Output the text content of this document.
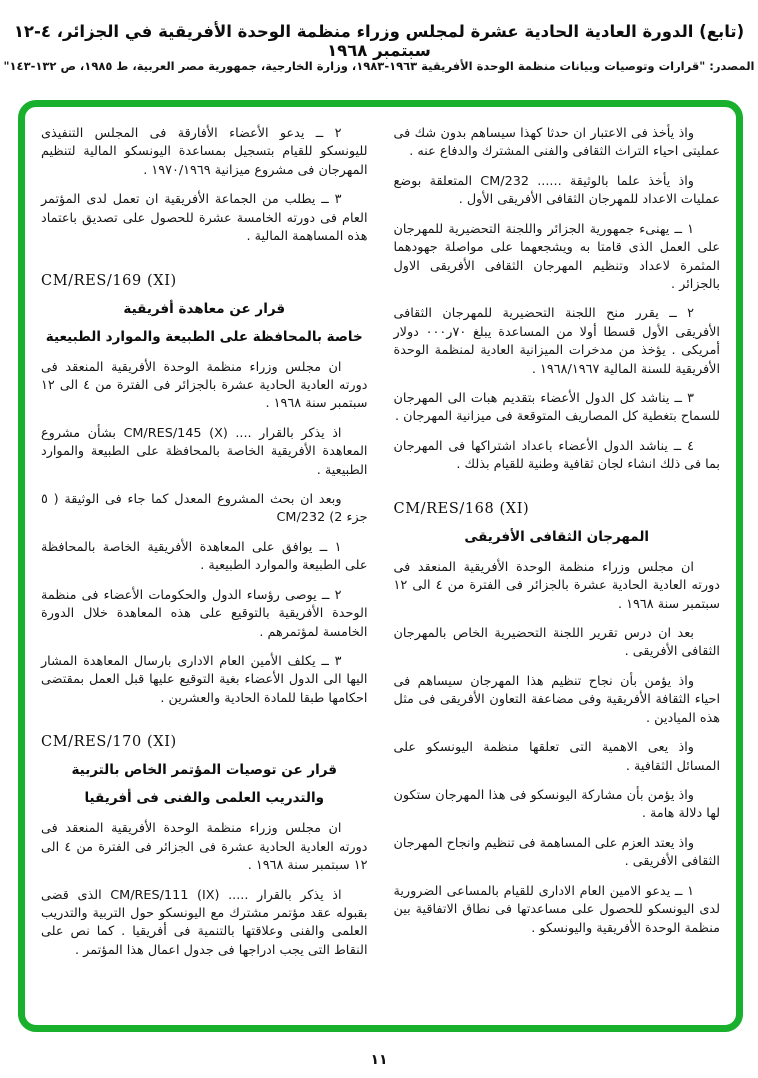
(تابع) الدورة العادية الحادية عشرة لمجلس وزراء منظمة الوحدة الأفريقية في الجزائر، ٤-١٢ سبتمبر ١٩٦٨
المصدر: "قرارات وتوصيات وبيانات منظمة الوحدة الأفريقية ١٩٦٣-١٩٨٣، وزارة الخارجية، جمهورية مصر العربية، ط ١٩٨٥، ص ١٣٢-١٤٣"
واذ يأخذ فى الاعتبار ان حدثا كهذا سيساهم بدون شك فى عمليتى احياء التراث الثقافى والفنى المشترك والدفاع عنه .
واذ يأخذ علما بالوثيقة ...... CM/232 المتعلقة بوضع عمليات الاعداد للمهرجان الثقافى الأفريقى الأول .
١ ــ يهنىء جمهورية الجزائر واللجنة التحضيرية للمهرجان على العمل الذى قامتا به ويشجعهما على مواصلة جهودهما المثمرة لاعداد وتنظيم المهرجان الثقافى الأفريقى الاول بالجزائر .
٢ ــ يقرر منح اللجنة التحضيرية للمهرجان الثقافى الأفريقى الأول قسطا أولا من المساعدة يبلغ ‪٧٠ر٠٠٠‬ دولار أمريكى . يؤخذ من مدخرات الميزانية العادية لمنظمة الوحدة الأفريقية للسنة المالية ١٩٦٨/١٩٦٧ .
٣ ــ يناشد كل الدول الأعضاء بتقديم هبات الى المهرجان للسماح بتغطية كل المصاريف المتوقعة فى ميزانية المهرجان .
٤ ــ يناشد الدول الأعضاء باعداد اشتراكها فى المهرجان بما فى ذلك انشاء لجان ثقافية وطنية للقيام بذلك .
CM/RES/168 (XI)
المهرجان الثقافى الأفريقى
ان مجلس وزراء منظمة الوحدة الأفريقية المنعقد فى دورته العادية الحادية عشرة بالجزائر فى الفترة من ٤ الى ١٢ سبتمبر سنة ١٩٦٨ .
بعد ان درس تقرير اللجنة التحضيرية الخاص بالمهرجان الثقافى الأفريقى .
واذ يؤمن بأن نجاح تنظيم هذا المهرجان سيساهم فى احياء الثقافة الأفريقية وفى مضاعفة التعاون الأفريقى فى مثل هذه الميادين .
واذ يعى الاهمية التى تعلقها منظمة اليونسكو على المسائل الثقافية .
واذ يؤمن بأن مشاركة اليونسكو فى هذا المهرجان ستكون لها دلالة هامة .
واذ يعتد العزم على المساهمة فى تنظيم وانجاح المهرجان الثقافى الأفريقى .
١ ــ يدعو الامين العام الادارى للقيام بالمساعى الضرورية لدى اليونسكو للحصول على مساعدتها فى نطاق الاتفاقية بين منظمة الوحدة الأفريقية واليونسكو .
٢ ــ يدعو الأعضاء الأفارقة فى المجلس التنفيذى لليونسكو للقيام بتسجيل بمساعدة اليونسكو المالية لتنظيم المهرجان فى مشروع ميزانية ١٩٧٠/١٩٦٩ .
٣ ــ يطلب من الجماعة الأفريقية ان تعمل لدى المؤتمر العام فى دورته الخامسة عشرة للحصول على تصديق باعتماد هذه المساهمة المالية .
CM/RES/169 (XI)
قرار عن معاهدة أفريقية
خاصة بالمحافظة على الطبيعة والموارد الطبيعية
ان مجلس وزراء منظمة الوحدة الأفريقية المنعقد فى دورته العادية الحادية عشرة بالجزائر فى الفترة من ٤ الى ١٢ سبتمبر سنة ١٩٦٨ .
اذ يذكر بالقرار .... CM/RES/145 (X) بشأن مشروع المعاهدة الأفريقية الخاصة بالمحافظة على الطبيعة والموارد الطبيعية .
وبعد ان بحث المشروع المعدل كما جاء فى الوثيقة ( ٥ جزء 2) CM/232
١ ــ يوافق على المعاهدة الأفريقية الخاصة بالمحافظة على الطبيعة والموارد الطبيعية .
٢ ــ يوصى رؤساء الدول والحكومات الأعضاء فى منظمة الوحدة الأفريقية بالتوقيع على هذه المعاهدة خلال الدورة الخامسة لمؤتمرهم .
٣ ــ يكلف الأمين العام الادارى بارسال المعاهدة المشار اليها الى الدول الأعضاء بغية التوقيع عليها قبل العمل بمقتضى احكامها طبقا للمادة الحادية والعشرين .
CM/RES/170 (XI)
قرار عن توصيات المؤتمر الخاص بالتربية
والتدريب العلمى والفنى فى أفريقيا
ان مجلس وزراء منظمة الوحدة الأفريقية المنعقد فى دورته العادية الحادية عشرة فى الجزائر فى الفترة من ٤ الى ١٢ سبتمبر سنة ١٩٦٨ .
اذ يذكر بالقرار ..... CM/RES/111 (IX) الذى قضى بقبوله عقد مؤتمر مشترك مع اليونسكو حول التربية والتدريب العلمى والفنى وعلاقتها بالتنمية فى أفريقيا . كما نص على النقاط التى يجب ادراجها فى جدول اعمال هذا المؤتمر .
١١
